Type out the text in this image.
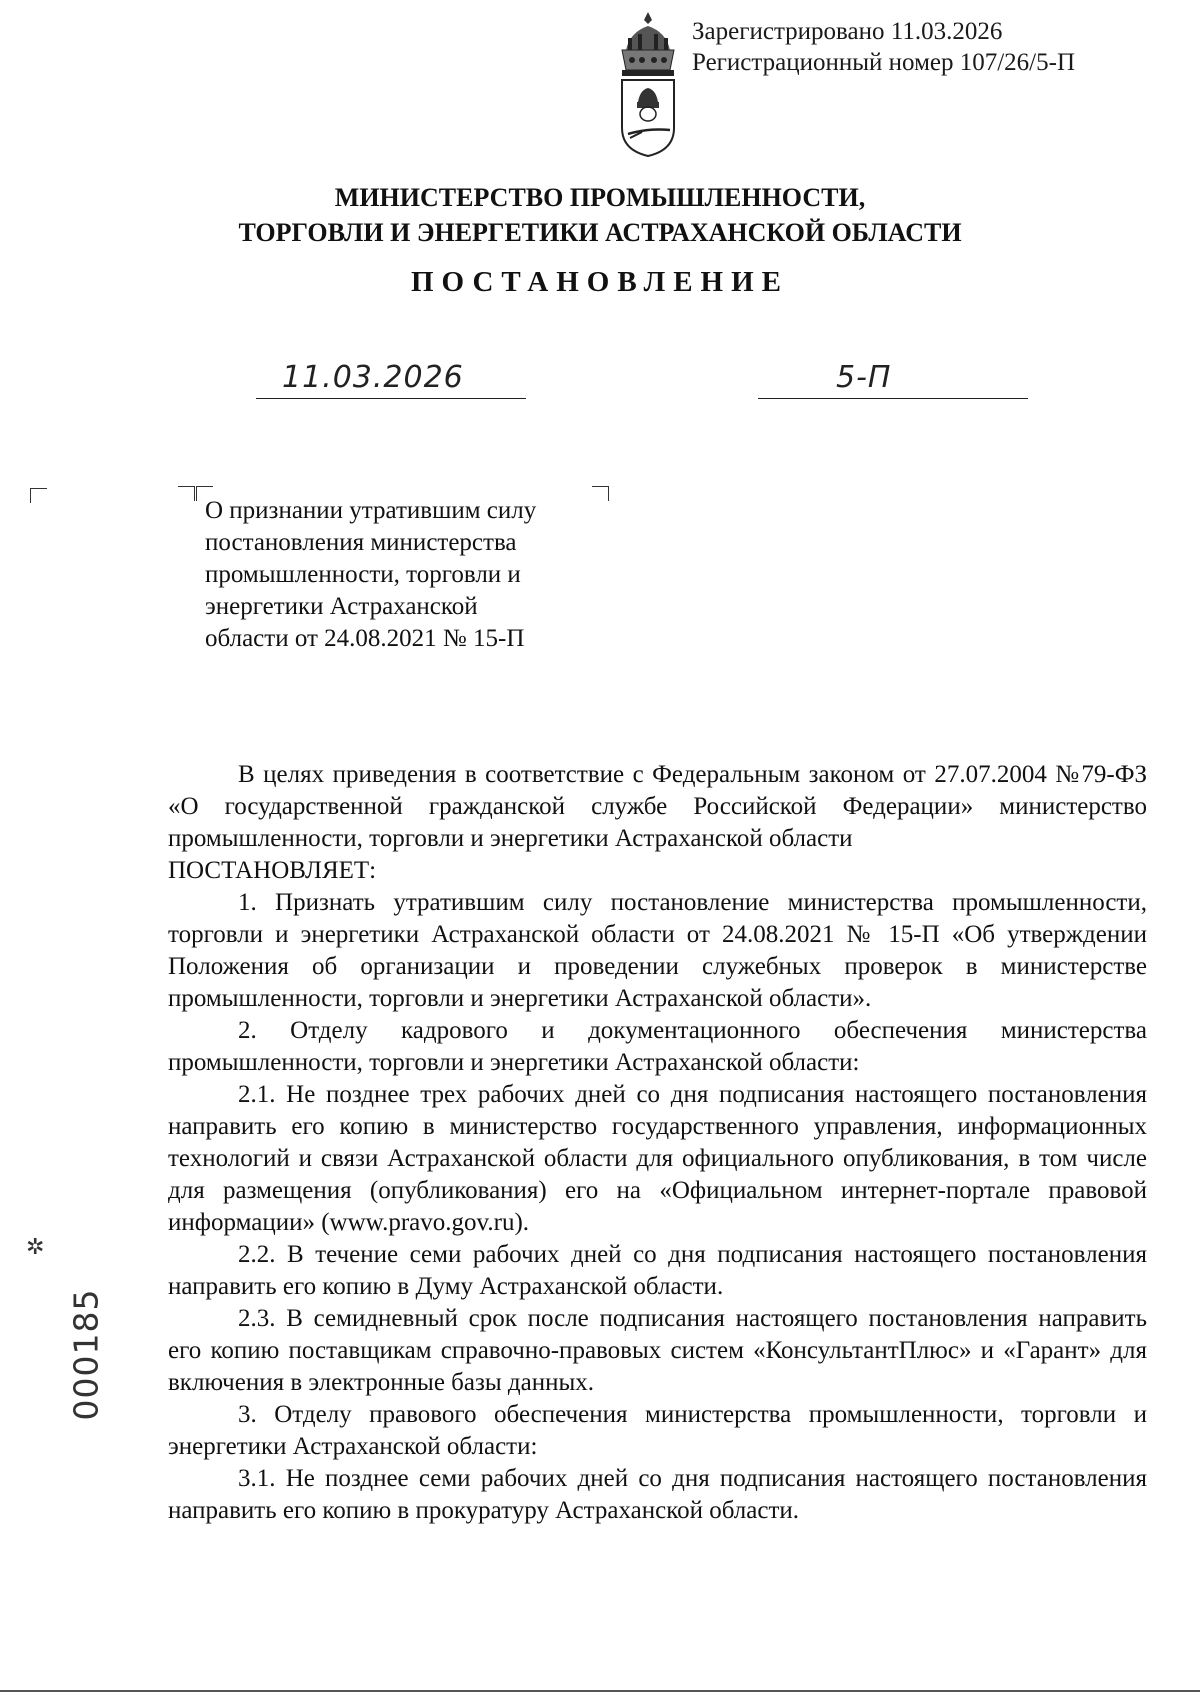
Зарегистрировано 11.03.2026
Регистрационный номер 107/26/5-П
МИНИСТЕРСТВО ПРОМЫШЛЕННОСТИ,
ТОРГОВЛИ И ЭНЕРГЕТИКИ АСТРАХАНСКОЙ ОБЛАСТИ
ПОСТАНОВЛЕНИЕ
11.03.2026	5-П
О признании утратившим силу
постановления министерства
промышленности, торговли и
энергетики Астраханской
области от 24.08.2021 № 15-П

В целях приведения в соответствие с Федеральным законом от 27.07.2004 №79-ФЗ «О государственной гражданской службе Российской Федерации» министерство промышленности, торговли и энергетики Астраханской области

ПОСТАНОВЛЯЕТ:

1. Признать утратившим силу постановление министерства промышленности, торговли и энергетики Астраханской области от 24.08.2021 № 15-П «Об утверждении Положения об организации и проведении служебных проверок в министерстве промышленности, торговли и энергетики Астраханской области».

2. Отделу кадрового и документационного обеспечения министерства промышленности, торговли и энергетики Астраханской области:

2.1. Не позднее трех рабочих дней со дня подписания настоящего постановления направить его копию в министерство государственного управления, информационных технологий и связи Астраханской области для официального опубликования, в том числе для размещения (опубликования) его на «Официальном интернет-портале правовой информации» (www.pravo.gov.ru).

2.2. В течение семи рабочих дней со дня подписания настоящего постановления направить его копию в Думу Астраханской области.

2.3. В семидневный срок после подписания настоящего постановления направить его копию поставщикам справочно-правовых систем «КонсультантПлюс» и «Гарант» для включения в электронные базы данных.

3. Отделу правового обеспечения министерства промышленности, торговли и энергетики Астраханской области:

3.1. Не позднее семи рабочих дней со дня подписания настоящего постановления направить его копию в прокуратуру Астраханской области.

✲
000185
